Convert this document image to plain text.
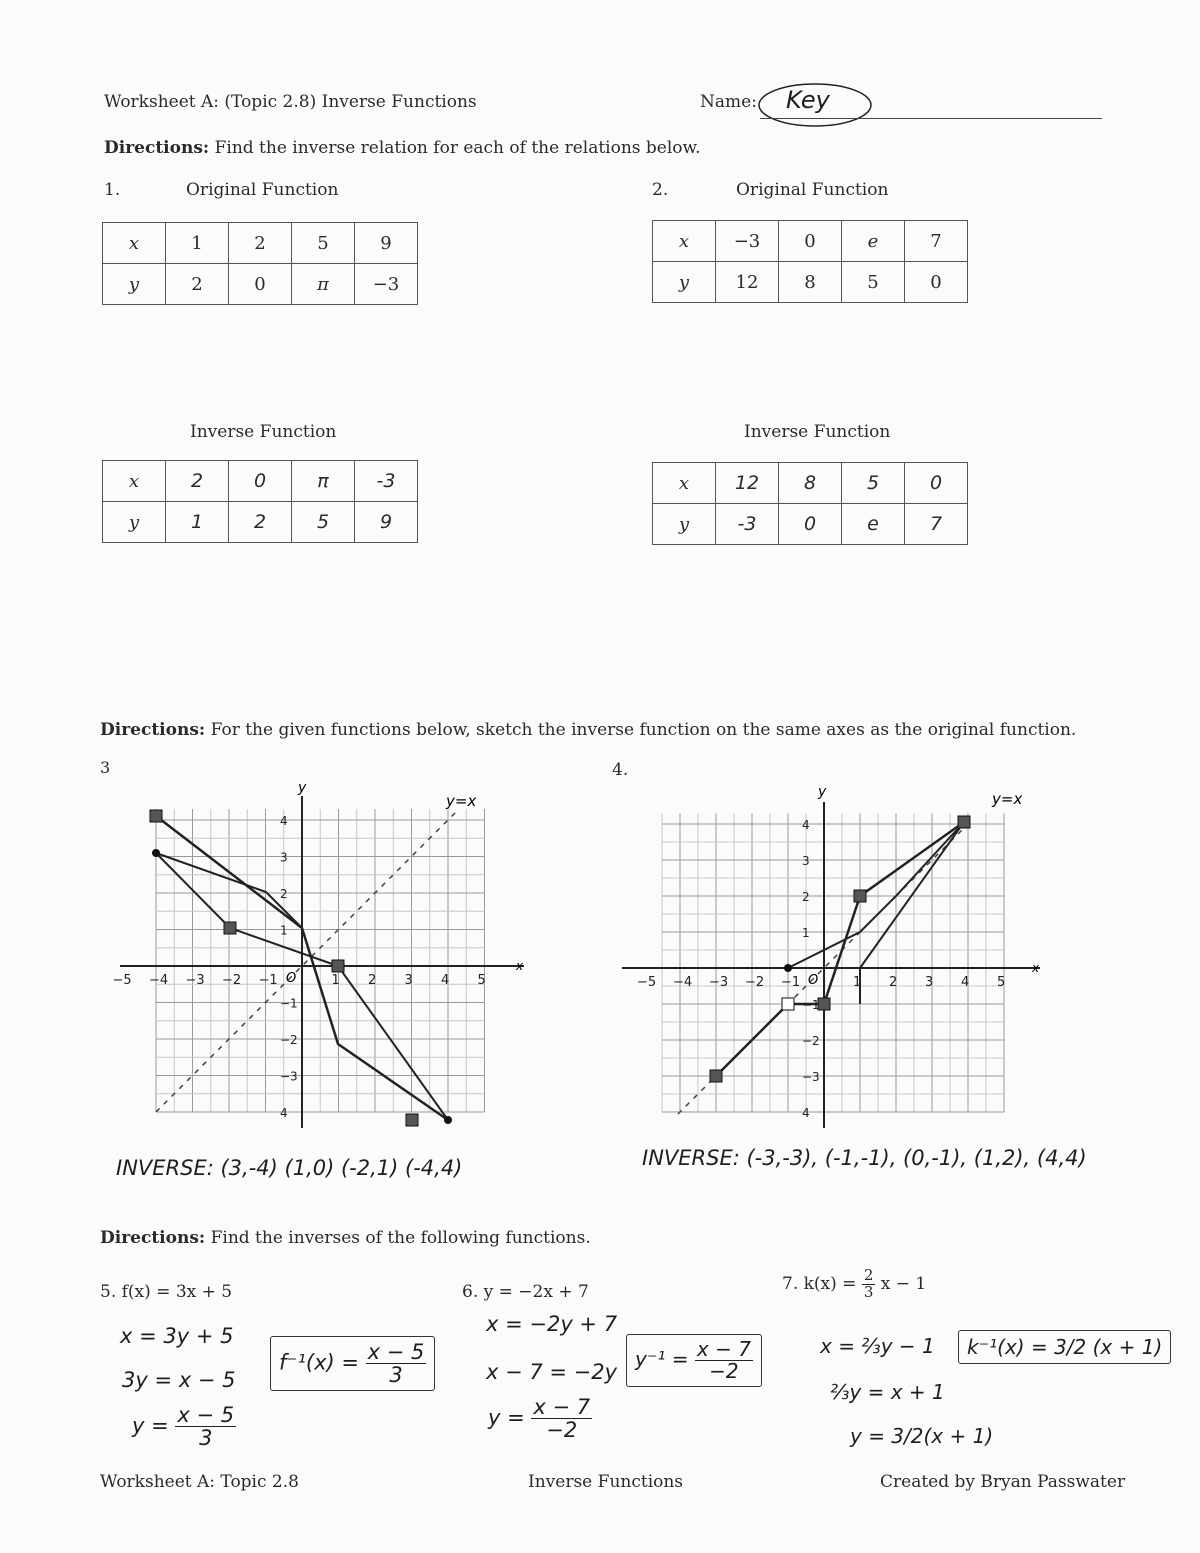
Worksheet A: (Topic 2.8) Inverse Functions	Name: Key
Directions: Find the inverse relation for each of the relations below.
1.	Original Function	2.	Original Function
x	1	2	5	9
y	2	0	π	−3
x	−3	0	e	7
y	12	8	5	0
Inverse Function	Inverse Function
x	2	0	π	-3
y	1	2	5	9
x	12	8	5	0
y	-3	0	e	7
Directions: For the given functions below, sketch the inverse function on the same axes as the original function.
3	4.
y
x
O
y=x
−5 −4 −3 −2 −1	1 2 3 4 5
4
3
2
1
−1
−2
−3
4
INVERSE: (3,-4) (1,0) (-2,1) (-4,4)
y
x
O
y=x
−5 −4 −3 −2 −1	1 2 3 4 5
4
3
2
1
−1
−2
−3
4
INVERSE: (-3,-3), (-1,-1), (0,-1), (1,2), (4,4)
Directions: Find the inverses of the following functions.
5. f(x) = 3x + 5
x = 3y + 5
3y = x − 5
$y = \frac{x - 5}{3}$
$f^{-1}(x) = \frac{x - 5}{3}$
6. y = −2x + 7
x = −2y + 7
x − 7 = −2y
$y = \frac{x - 7}{-2}$
$y^{-1} = \frac{x - 7}{-2}$
7. $k(x) = \frac{2}{3}$ x − 1
x = ⅔y − 1
⅔y = x + 1
y = 3/2(x + 1)
k⁻¹(x) = 3/2 (x + 1)
Worksheet A: Topic 2.8	Inverse Functions	Created by Bryan Passwater
